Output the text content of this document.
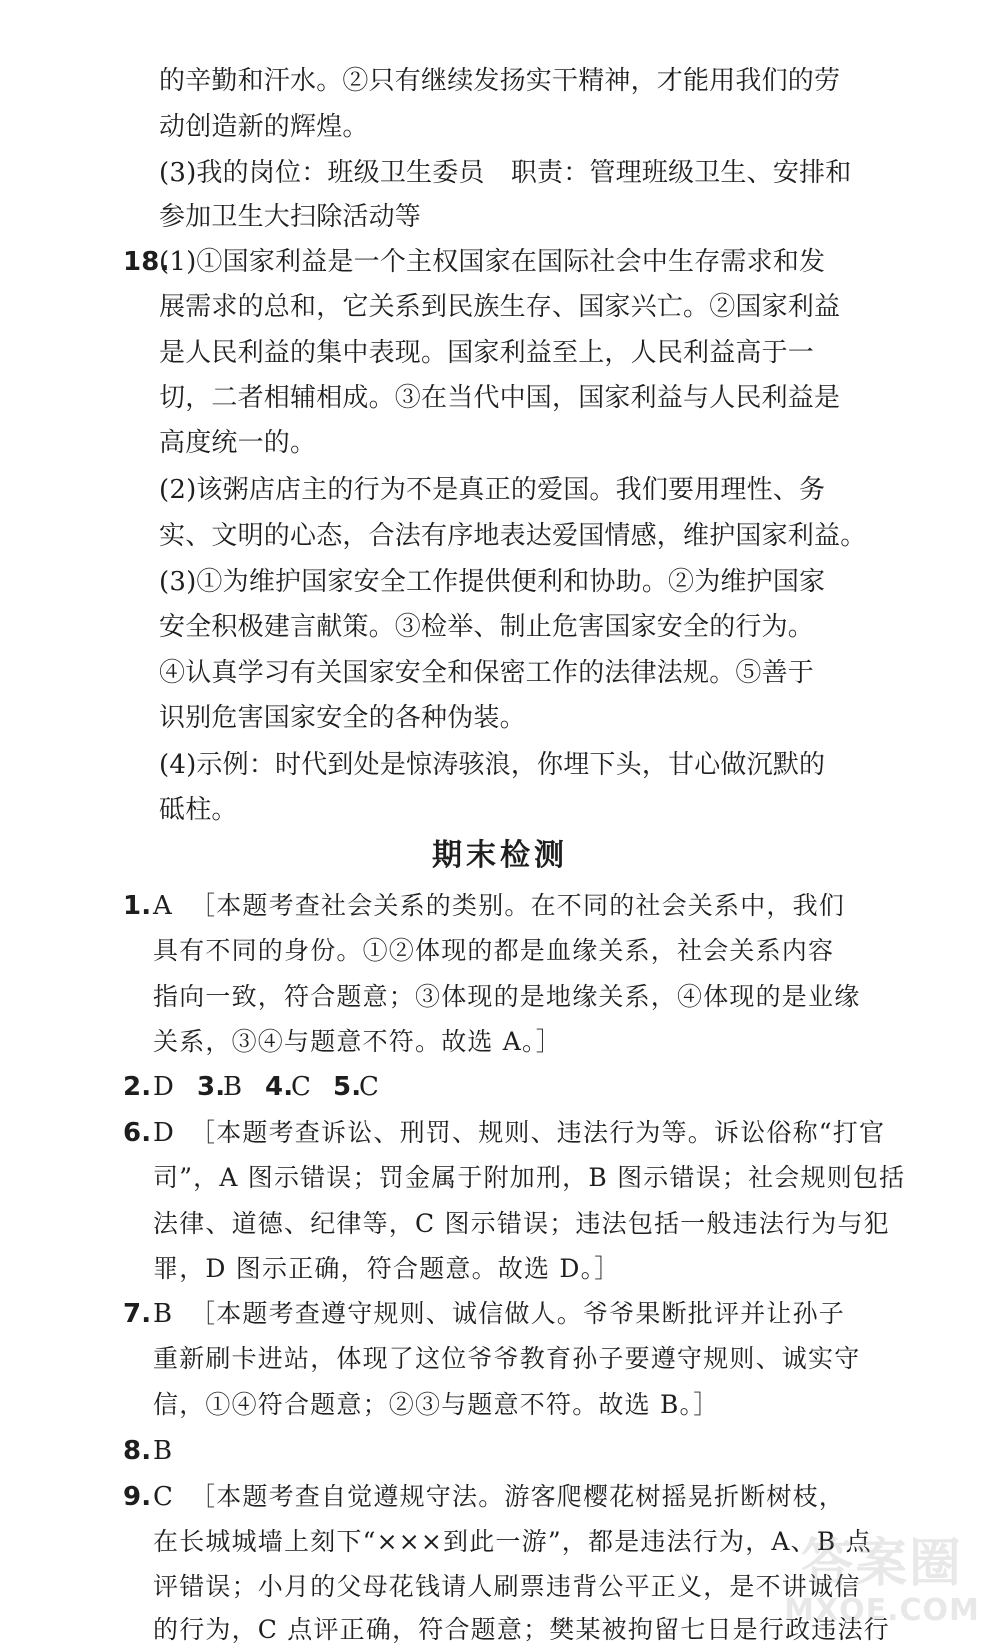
的辛勤和汗水。②只有继续发扬实干精神，才能用我们的劳
动创造新的辉煌。
(3)我的岗位：班级卫生委员　职责：管理班级卫生、安排和
参加卫生大扫除活动等
18.
(1)①国家利益是一个主权国家在国际社会中生存需求和发
展需求的总和，它关系到民族生存、国家兴亡。②国家利益
是人民利益的集中表现。国家利益至上，人民利益高于一
切，二者相辅相成。③在当代中国，国家利益与人民利益是
高度统一的。
(2)该粥店店主的行为不是真正的爱国。我们要用理性、务
实、文明的心态，合法有序地表达爱国情感，维护国家利益。
(3)①为维护国家安全工作提供便利和协助。②为维护国家
安全积极建言献策。③检举、制止危害国家安全的行为。
④认真学习有关国家安全和保密工作的法律法规。⑤善于
识别危害国家安全的各种伪装。
(4)示例：时代到处是惊涛骇浪，你埋下头，甘心做沉默的
砥柱。
期末检测
1. A ［本题考查社会关系的类别。在不同的社会关系中，我们
具有不同的身份。①②体现的都是血缘关系，社会关系内容
指向一致，符合题意；③体现的是地缘关系，④体现的是业缘
关系，③④与题意不符。故选 A。］
2. D 3.
B 4.
C 5.
C
6. D ［本题考查诉讼、刑罚、规则、违法行为等。诉讼俗称“打官
司”，A 图示错误；罚金属于附加刑，B 图示错误；社会规则包括
法律、道德、纪律等，C 图示错误；违法包括一般违法行为与犯
罪，D 图示正确，符合题意。故选 D。］
7. B ［本题考查遵守规则、诚信做人。爷爷果断批评并让孙子
重新刷卡进站，体现了这位爷爷教育孙子要遵守规则、诚实守
信，①④符合题意；②③与题意不符。故选 B。］
8. B
9. C ［本题考查自觉遵规守法。游客爬樱花树摇晃折断树枝，
在长城城墙上刻下“×××到此一游”，都是违法行为，A、B 点
评错误；小月的父母花钱请人刷票违背公平正义，是不讲诚信
的行为，C 点评正确，符合题意；樊某被拘留七日是行政违法行
答案圈
MXQE.COM
